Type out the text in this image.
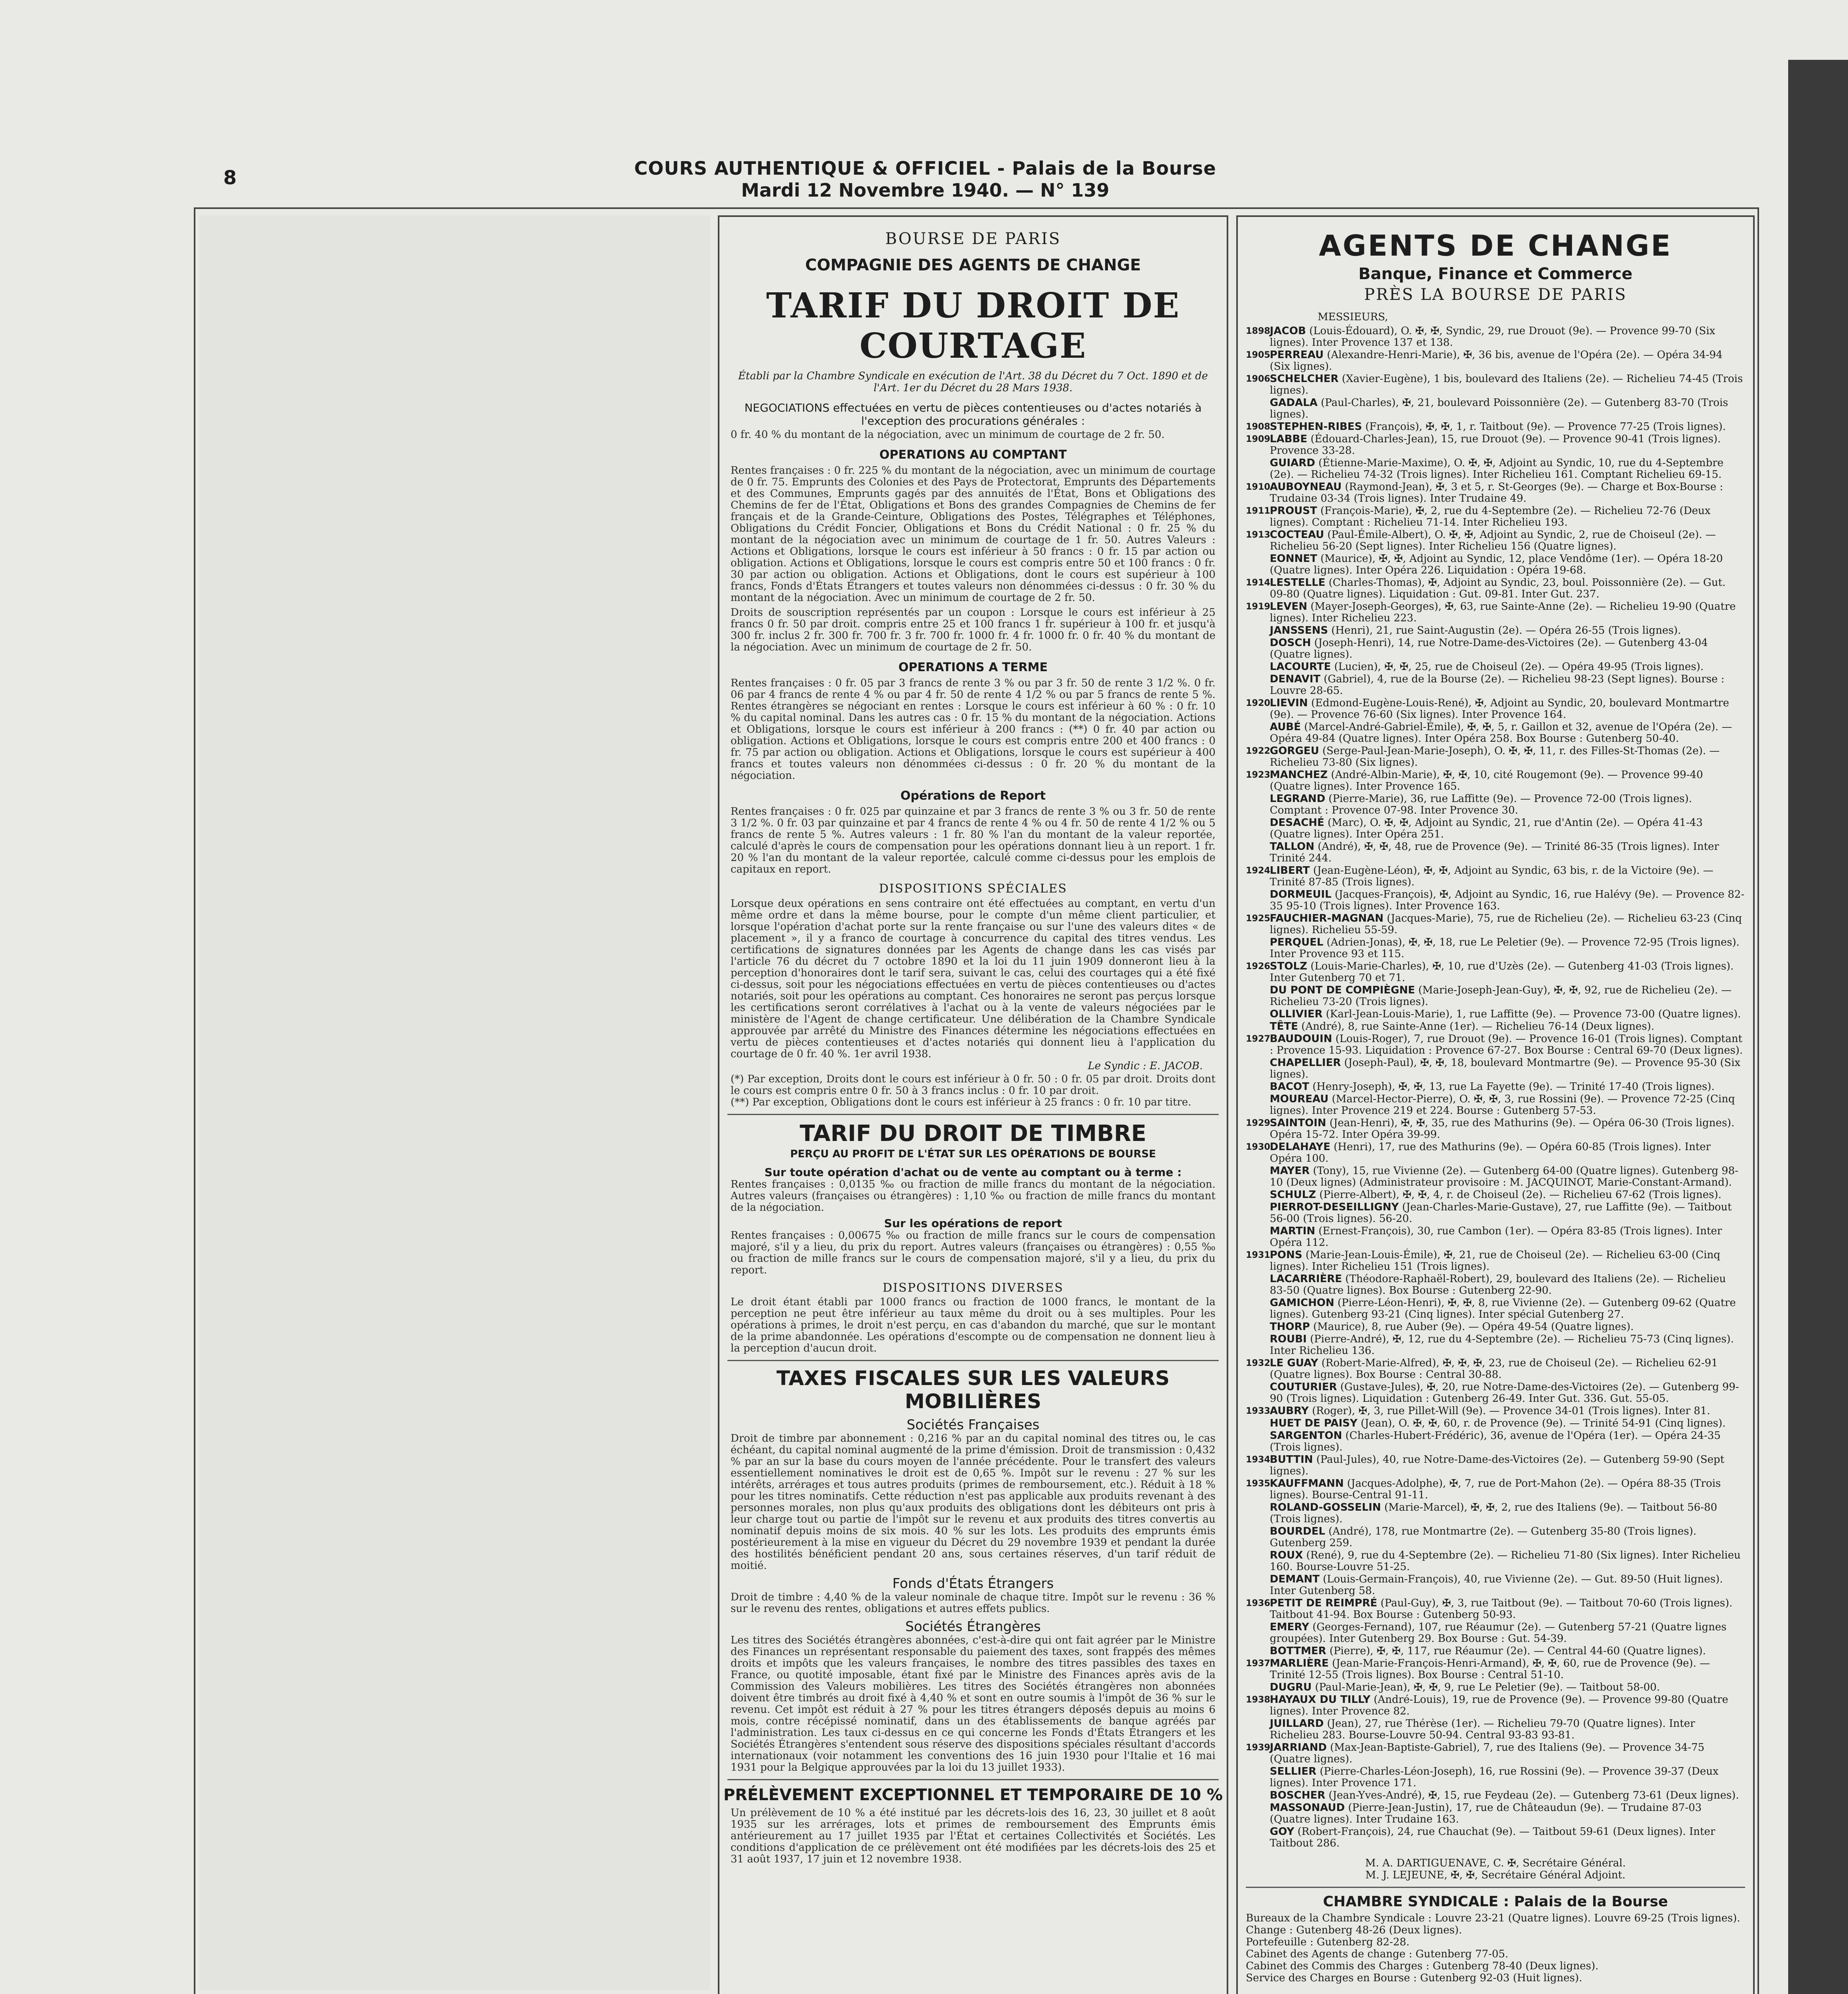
8	COURS AUTHENTIQUE & OFFICIEL - Palais de la Bourse
Mardi 12 Novembre 1940. — N° 139

BOURSE DE PARIS
COMPAGNIE DES AGENTS DE CHANGE
TARIF DU DROIT DE COURTAGE

Établi par la Chambre Syndicale en exécution de l'Art. 38 du Décret du 7 Oct. 1890 et de l'Art. 1er du Décret du 28 Mars 1938.

NEGOCIATIONS effectuées en vertu de pièces contentieuses ou d'actes notariés à l'exception des procurations générales :

0 fr. 40 % du montant de la négociation, avec un minimum de courtage de 2 fr. 50.

OPERATIONS AU COMPTANT

Rentes françaises : 0 fr. 225 % du montant de la négociation, avec un minimum de courtage de 0 fr. 75. Emprunts des Colonies et des Pays de Protectorat, Emprunts des Départements et des Communes, Emprunts gagés par des annuités de l'État, Bons et Obligations des Chemins de fer de l'État, Obligations et Bons des grandes Compagnies de Chemins de fer français et de la Grande-Ceinture, Obligations des Postes, Télégraphes et Téléphones, Obligations du Crédit Foncier, Obligations et Bons du Crédit National : 0 fr. 25 % du montant de la négociation avec un minimum de courtage de 1 fr. 50. Autres Valeurs : Actions et Obligations, lorsque le cours est inférieur à 50 francs : 0 fr. 15 par action ou obligation. Actions et Obligations, lorsque le cours est compris entre 50 et 100 francs : 0 fr. 30 par action ou obligation. Actions et Obligations, dont le cours est supérieur à 100 francs, Fonds d'États Étrangers et toutes valeurs non dénommées ci-dessus : 0 fr. 30 % du montant de la négociation. Avec un minimum de courtage de 2 fr. 50.

Droits de souscription représentés par un coupon : Lorsque le cours est inférieur à 25 francs 0 fr. 50 par droit. compris entre 25 et 100 francs 1 fr. supérieur à 100 fr. et jusqu'à 300 fr. inclus 2 fr. 300 fr. 700 fr. 3 fr. 700 fr. 1000 fr. 4 fr. 1000 fr. 0 fr. 40 % du montant de la négociation. Avec un minimum de courtage de 2 fr. 50.

OPERATIONS A TERME

Rentes françaises : 0 fr. 05 par 3 francs de rente 3 % ou par 3 fr. 50 de rente 3 1/2 %. 0 fr. 06 par 4 francs de rente 4 % ou par 4 fr. 50 de rente 4 1/2 % ou par 5 francs de rente 5 %. Rentes étrangères se négociant en rentes : Lorsque le cours est inférieur à 60 % : 0 fr. 10 % du capital nominal. Dans les autres cas : 0 fr. 15 % du montant de la négociation. Actions et Obligations, lorsque le cours est inférieur à 200 francs : (**) 0 fr. 40 par action ou obligation. Actions et Obligations, lorsque le cours est compris entre 200 et 400 francs : 0 fr. 75 par action ou obligation. Actions et Obligations, lorsque le cours est supérieur à 400 francs et toutes valeurs non dénommées ci-dessus : 0 fr. 20 % du montant de la négociation.

Opérations de Report

Rentes françaises : 0 fr. 025 par quinzaine et par 3 francs de rente 3 % ou 3 fr. 50 de rente 3 1/2 %. 0 fr. 03 par quinzaine et par 4 francs de rente 4 % ou 4 fr. 50 de rente 4 1/2 % ou 5 francs de rente 5 %. Autres valeurs : 1 fr. 80 % l'an du montant de la valeur reportée, calculé d'après le cours de compensation pour les opérations donnant lieu à un report. 1 fr. 20 % l'an du montant de la valeur reportée, calculé comme ci-dessus pour les emplois de capitaux en report.

DISPOSITIONS SPÉCIALES

Lorsque deux opérations en sens contraire ont été effectuées au comptant, en vertu d'un même ordre et dans la même bourse, pour le compte d'un même client particulier, et lorsque l'opération d'achat porte sur la rente française ou sur l'une des valeurs dites « de placement », il y a franco de courtage à concurrence du capital des titres vendus. Les certifications de signatures données par les Agents de change dans les cas visés par l'article 76 du décret du 7 octobre 1890 et la loi du 11 juin 1909 donneront lieu à la perception d'honoraires dont le tarif sera, suivant le cas, celui des courtages qui a été fixé ci-dessus, soit pour les négociations effectuées en vertu de pièces contentieuses ou d'actes notariés, soit pour les opérations au comptant. Ces honoraires ne seront pas perçus lorsque les certifications seront corrélatives à l'achat ou à la vente de valeurs négociées par le ministère de l'Agent de change certificateur. Une délibération de la Chambre Syndicale approuvée par arrêté du Ministre des Finances détermine les négociations effectuées en vertu de pièces contentieuses et d'actes notariés qui donnent lieu à l'application du courtage de 0 fr. 40 %. 1er avril 1938.

Le Syndic : E. JACOB.

(*) Par exception, Droits dont le cours est inférieur à 0 fr. 50 : 0 fr. 05 par droit. Droits dont le cours est compris entre 0 fr. 50 à 3 francs inclus : 0 fr. 10 par droit.

(**) Par exception, Obligations dont le cours est inférieur à 25 francs : 0 fr. 10 par titre.

TARIF DU DROIT DE TIMBRE
PERÇU AU PROFIT DE L'ÉTAT SUR LES OPÉRATIONS DE BOURSE
Sur toute opération d'achat ou de vente au comptant ou à terme :

Rentes françaises : 0,0135 ‰ ou fraction de mille francs du montant de la négociation. Autres valeurs (françaises ou étrangères) : 1,10 ‰ ou fraction de mille francs du montant de la négociation.

Sur les opérations de report

Rentes françaises : 0,00675 ‰ ou fraction de mille francs sur le cours de compensation majoré, s'il y a lieu, du prix du report. Autres valeurs (françaises ou étrangères) : 0,55 ‰ ou fraction de mille francs sur le cours de compensation majoré, s'il y a lieu, du prix du report.

DISPOSITIONS DIVERSES

Le droit étant établi par 1000 francs ou fraction de 1000 francs, le montant de la perception ne peut être inférieur au taux même du droit ou à ses multiples. Pour les opérations à primes, le droit n'est perçu, en cas d'abandon du marché, que sur le montant de la prime abandonnée. Les opérations d'escompte ou de compensation ne donnent lieu à la perception d'aucun droit.

TAXES FISCALES SUR LES VALEURS MOBILIÈRES
Sociétés Françaises

Droit de timbre par abonnement : 0,216 % par an du capital nominal des titres ou, le cas échéant, du capital nominal augmenté de la prime d'émission. Droit de transmission : 0,432 % par an sur la base du cours moyen de l'année précédente. Pour le transfert des valeurs essentiellement nominatives le droit est de 0,65 %. Impôt sur le revenu : 27 % sur les intérêts, arrérages et tous autres produits (primes de remboursement, etc.). Réduit à 18 % pour les titres nominatifs. Cette réduction n'est pas applicable aux produits revenant à des personnes morales, non plus qu'aux produits des obligations dont les débiteurs ont pris à leur charge tout ou partie de l'impôt sur le revenu et aux produits des titres convertis au nominatif depuis moins de six mois. 40 % sur les lots. Les produits des emprunts émis postérieurement à la mise en vigueur du Décret du 29 novembre 1939 et pendant la durée des hostilités bénéficient pendant 20 ans, sous certaines réserves, d'un tarif réduit de moitié.

Fonds d'États Étrangers

Droit de timbre : 4,40 % de la valeur nominale de chaque titre. Impôt sur le revenu : 36 % sur le revenu des rentes, obligations et autres effets publics.

Sociétés Étrangères

Les titres des Sociétés étrangères abonnées, c'est-à-dire qui ont fait agréer par le Ministre des Finances un représentant responsable du paiement des taxes, sont frappés des mêmes droits et impôts que les valeurs françaises, le nombre des titres passibles des taxes en France, ou quotité imposable, étant fixé par le Ministre des Finances après avis de la Commission des Valeurs mobilières. Les titres des Sociétés étrangères non abonnées doivent être timbrés au droit fixé à 4,40 % et sont en outre soumis à l'impôt de 36 % sur le revenu. Cet impôt est réduit à 27 % pour les titres étrangers déposés depuis au moins 6 mois, contre récépissé nominatif, dans un des établissements de banque agréés par l'administration. Les taux ci-dessus en ce qui concerne les Fonds d'États Étrangers et les Sociétés Étrangères s'entendent sous réserve des dispositions spéciales résultant d'accords internationaux (voir notamment les conventions des 16 juin 1930 pour l'Italie et 16 mai 1931 pour la Belgique approuvées par la loi du 13 juillet 1933).

PRÉLÈVEMENT EXCEPTIONNEL ET TEMPORAIRE DE 10 %

Un prélèvement de 10 % a été institué par les décrets-lois des 16, 23, 30 juillet et 8 août 1935 sur les arrérages, lots et primes de remboursement des Emprunts émis antérieurement au 17 juillet 1935 par l'État et certaines Collectivités et Sociétés. Les conditions d'application de ce prélèvement ont été modifiées par les décrets-lois des 25 et 31 août 1937, 17 juin et 12 novembre 1938.

AGENTS DE CHANGE
Banque, Finance et Commerce
PRÈS LA BOURSE DE PARIS
MESSIEURS,
1898
JACOB (Louis-Édouard), O. ✠, ✠, Syndic, 29, rue Drouot (9e). — Provence 99-70 (Six lignes). Inter Provence 137 et 138.
1905
PERREAU (Alexandre-Henri-Marie), ✠, 36 bis, avenue de l'Opéra (2e). — Opéra 34-94 (Six lignes).
1906
SCHELCHER (Xavier-Eugène), 1 bis, boulevard des Italiens (2e). — Richelieu 74-45 (Trois lignes).
GADALA (Paul-Charles), ✠, 21, boulevard Poissonnière (2e). — Gutenberg 83-70 (Trois lignes).
1908
STEPHEN-RIBES (François), ✠, ✠, 1, r. Taitbout (9e). — Provence 77-25 (Trois lignes).
1909
LABBE (Édouard-Charles-Jean), 15, rue Drouot (9e). — Provence 90-41 (Trois lignes). Provence 33-28.
GUIARD (Étienne-Marie-Maxime), O. ✠, ✠, Adjoint au Syndic, 10, rue du 4-Septembre (2e). — Richelieu 74-32 (Trois lignes). Inter Richelieu 161. Comptant Richelieu 69-15.
1910
AUBOYNEAU (Raymond-Jean), ✠, 3 et 5, r. St-Georges (9e). — Charge et Box-Bourse : Trudaine 03-34 (Trois lignes). Inter Trudaine 49.
1911
PROUST (François-Marie), ✠, 2, rue du 4-Septembre (2e). — Richelieu 72-76 (Deux lignes). Comptant : Richelieu 71-14. Inter Richelieu 193.
1913
COCTEAU (Paul-Émile-Albert), O. ✠, ✠, Adjoint au Syndic, 2, rue de Choiseul (2e). — Richelieu 56-20 (Sept lignes). Inter Richelieu 156 (Quatre lignes).
EONNET (Maurice), ✠, ✠, Adjoint au Syndic, 12, place Vendôme (1er). — Opéra 18-20 (Quatre lignes). Inter Opéra 226. Liquidation : Opéra 19-68.
1914
LESTELLE (Charles-Thomas), ✠, Adjoint au Syndic, 23, boul. Poissonnière (2e). — Gut. 09-80 (Quatre lignes). Liquidation : Gut. 09-81. Inter Gut. 237.
1919
LEVEN (Mayer-Joseph-Georges), ✠, 63, rue Sainte-Anne (2e). — Richelieu 19-90 (Quatre lignes). Inter Richelieu 223.
JANSSENS (Henri), 21, rue Saint-Augustin (2e). — Opéra 26-55 (Trois lignes).
DOSCH (Joseph-Henri), 14, rue Notre-Dame-des-Victoires (2e). — Gutenberg 43-04 (Quatre lignes).
LACOURTE (Lucien), ✠, ✠, 25, rue de Choiseul (2e). — Opéra 49-95 (Trois lignes).
DENAVIT (Gabriel), 4, rue de la Bourse (2e). — Richelieu 98-23 (Sept lignes). Bourse : Louvre 28-65.
1920
LIEVIN (Edmond-Eugène-Louis-René), ✠, Adjoint au Syndic, 20, boulevard Montmartre (9e). — Provence 76-60 (Six lignes). Inter Provence 164.
AUBÉ (Marcel-André-Gabriel-Émile), ✠, ✠, 5, r. Gaillon et 32, avenue de l'Opéra (2e). — Opéra 49-84 (Quatre lignes). Inter Opéra 258. Box Bourse : Gutenberg 50-40.
1922
GORGEU (Serge-Paul-Jean-Marie-Joseph), O. ✠, ✠, 11, r. des Filles-St-Thomas (2e). — Richelieu 73-80 (Six lignes).
1923
MANCHEZ (André-Albin-Marie), ✠, ✠, 10, cité Rougemont (9e). — Provence 99-40 (Quatre lignes). Inter Provence 165.
LEGRAND (Pierre-Marie), 36, rue Laffitte (9e). — Provence 72-00 (Trois lignes). Comptant : Provence 07-98. Inter Provence 30.
DESACHÉ (Marc), O. ✠, ✠, Adjoint au Syndic, 21, rue d'Antin (2e). — Opéra 41-43 (Quatre lignes). Inter Opéra 251.
TALLON (André), ✠, ✠, 48, rue de Provence (9e). — Trinité 86-35 (Trois lignes). Inter Trinité 244.
1924
LIBERT (Jean-Eugène-Léon), ✠, ✠, Adjoint au Syndic, 63 bis, r. de la Victoire (9e). — Trinité 87-85 (Trois lignes).
DORMEUIL (Jacques-François), ✠, Adjoint au Syndic, 16, rue Halévy (9e). — Provence 82-35 95-10 (Trois lignes). Inter Provence 163.
1925
FAUCHIER-MAGNAN (Jacques-Marie), 75, rue de Richelieu (2e). — Richelieu 63-23 (Cinq lignes). Richelieu 55-59.
PERQUEL (Adrien-Jonas), ✠, ✠, 18, rue Le Peletier (9e). — Provence 72-95 (Trois lignes). Inter Provence 93 et 115.
1926
STOLZ (Louis-Marie-Charles), ✠, 10, rue d'Uzès (2e). — Gutenberg 41-03 (Trois lignes). Inter Gutenberg 70 et 71.
DU PONT DE COMPIÈGNE (Marie-Joseph-Jean-Guy), ✠, ✠, 92, rue de Richelieu (2e). — Richelieu 73-20 (Trois lignes).
OLLIVIER (Karl-Jean-Louis-Marie), 1, rue Laffitte (9e). — Provence 73-00 (Quatre lignes).
TÊTE (André), 8, rue Sainte-Anne (1er). — Richelieu 76-14 (Deux lignes).
1927
BAUDOUIN (Louis-Roger), 7, rue Drouot (9e). — Provence 16-01 (Trois lignes). Comptant : Provence 15-93. Liquidation : Provence 67-27. Box Bourse : Central 69-70 (Deux lignes).
CHAPELLIER (Joseph-Paul), ✠, ✠, 18, boulevard Montmartre (9e). — Provence 95-30 (Six lignes).
BACOT (Henry-Joseph), ✠, ✠, 13, rue La Fayette (9e). — Trinité 17-40 (Trois lignes).
MOUREAU (Marcel-Hector-Pierre), O. ✠, ✠, 3, rue Rossini (9e). — Provence 72-25 (Cinq lignes). Inter Provence 219 et 224. Bourse : Gutenberg 57-53.
1929
SAINTOIN (Jean-Henri), ✠, ✠, 35, rue des Mathurins (9e). — Opéra 06-30 (Trois lignes). Opéra 15-72. Inter Opéra 39-99.
1930
DELAHAYE (Henri), 17, rue des Mathurins (9e). — Opéra 60-85 (Trois lignes). Inter Opéra 100.
MAYER (Tony), 15, rue Vivienne (2e). — Gutenberg 64-00 (Quatre lignes). Gutenberg 98-10 (Deux lignes) (Administrateur provisoire : M. JACQUINOT, Marie-Constant-Armand).
SCHULZ (Pierre-Albert), ✠, ✠, 4, r. de Choiseul (2e). — Richelieu 67-62 (Trois lignes).
PIERROT-DESEILLIGNY (Jean-Charles-Marie-Gustave), 27, rue Laffitte (9e). — Taitbout 56-00 (Trois lignes). 56-20.
MARTIN (Ernest-François), 30, rue Cambon (1er). — Opéra 83-85 (Trois lignes). Inter Opéra 112.
1931
PONS (Marie-Jean-Louis-Émile), ✠, 21, rue de Choiseul (2e). — Richelieu 63-00 (Cinq lignes). Inter Richelieu 151 (Trois lignes).
LACARRIÈRE (Théodore-Raphaël-Robert), 29, boulevard des Italiens (2e). — Richelieu 83-50 (Quatre lignes). Box Bourse : Gutenberg 22-90.
GAMICHON (Pierre-Léon-Henri), ✠, ✠, 8, rue Vivienne (2e). — Gutenberg 09-62 (Quatre lignes). Gutenberg 93-21 (Cinq lignes). Inter spécial Gutenberg 27.
THORP (Maurice), 8, rue Auber (9e). — Opéra 49-54 (Quatre lignes).
ROUBI (Pierre-André), ✠, 12, rue du 4-Septembre (2e). — Richelieu 75-73 (Cinq lignes). Inter Richelieu 136.
1932
LE GUAY (Robert-Marie-Alfred), ✠, ✠, ✠, 23, rue de Choiseul (2e). — Richelieu 62-91 (Quatre lignes). Box Bourse : Central 30-88.
COUTURIER (Gustave-Jules), ✠, 20, rue Notre-Dame-des-Victoires (2e). — Gutenberg 99-90 (Trois lignes). Liquidation : Gutenberg 26-49. Inter Gut. 336. Gut. 55-05.
1933
AUBRY (Roger), ✠, 3, rue Pillet-Will (9e). — Provence 34-01 (Trois lignes). Inter 81.
HUET DE PAISY (Jean), O. ✠, ✠, 60, r. de Provence (9e). — Trinité 54-91 (Cinq lignes).
SARGENTON (Charles-Hubert-Frédéric), 36, avenue de l'Opéra (1er). — Opéra 24-35 (Trois lignes).
1934
BUTTIN (Paul-Jules), 40, rue Notre-Dame-des-Victoires (2e). — Gutenberg 59-90 (Sept lignes).
1935
KAUFFMANN (Jacques-Adolphe), ✠, 7, rue de Port-Mahon (2e). — Opéra 88-35 (Trois lignes). Bourse-Central 91-11.
ROLAND-GOSSELIN (Marie-Marcel), ✠, ✠, 2, rue des Italiens (9e). — Taitbout 56-80 (Trois lignes).
BOURDEL (André), 178, rue Montmartre (2e). — Gutenberg 35-80 (Trois lignes). Gutenberg 259.
ROUX (René), 9, rue du 4-Septembre (2e). — Richelieu 71-80 (Six lignes). Inter Richelieu 160. Bourse-Louvre 51-25.
DEMANT (Louis-Germain-François), 40, rue Vivienne (2e). — Gut. 89-50 (Huit lignes). Inter Gutenberg 58.
1936
PETIT DE REIMPRÉ (Paul-Guy), ✠, 3, rue Taitbout (9e). — Taitbout 70-60 (Trois lignes). Taitbout 41-94. Box Bourse : Gutenberg 50-93.
EMERY (Georges-Fernand), 107, rue Réaumur (2e). — Gutenberg 57-21 (Quatre lignes groupées). Inter Gutenberg 29. Box Bourse : Gut. 54-39.
BOTTMER (Pierre), ✠, ✠, 117, rue Réaumur (2e). — Central 44-60 (Quatre lignes).
1937
MARLIÈRE (Jean-Marie-François-Henri-Armand), ✠, ✠, 60, rue de Provence (9e). — Trinité 12-55 (Trois lignes). Box Bourse : Central 51-10.
DUGRU (Paul-Marie-Jean), ✠, ✠, 9, rue Le Peletier (9e). — Taitbout 58-00.
1938
HAYAUX DU TILLY (André-Louis), 19, rue de Provence (9e). — Provence 99-80 (Quatre lignes). Inter Provence 82.
JUILLARD (Jean), 27, rue Thérèse (1er). — Richelieu 79-70 (Quatre lignes). Inter Richelieu 283. Bourse-Louvre 50-94. Central 93-83 93-81.
1939
JARRIAND (Max-Jean-Baptiste-Gabriel), 7, rue des Italiens (9e). — Provence 34-75 (Quatre lignes).
SELLIER (Pierre-Charles-Léon-Joseph), 16, rue Rossini (9e). — Provence 39-37 (Deux lignes). Inter Provence 171.
BOSCHER (Jean-Yves-André), ✠, 15, rue Feydeau (2e). — Gutenberg 73-61 (Deux lignes).
MASSONAUD (Pierre-Jean-Justin), 17, rue de Châteaudun (9e). — Trudaine 87-03 (Quatre lignes). Inter Trudaine 163.
GOY (Robert-François), 24, rue Chauchat (9e). — Taitbout 59-61 (Deux lignes). Inter Taitbout 286.
M. A. DARTIGUENAVE, C. ✠, Secrétaire Général.
M. J. LEJEUNE, ✠, ✠, Secrétaire Général Adjoint.
CHAMBRE SYNDICALE : Palais de la Bourse
Bureaux de la Chambre Syndicale : Louvre 23-21 (Quatre lignes). Louvre 69-25 (Trois lignes).
Change : Gutenberg 48-26 (Deux lignes).
Portefeuille : Gutenberg 82-28.
Cabinet des Agents de change : Gutenberg 77-05.
Cabinet des Commis des Charges : Gutenberg 78-40 (Deux lignes).
Service des Charges en Bourse : Gutenberg 92-03 (Huit lignes).
